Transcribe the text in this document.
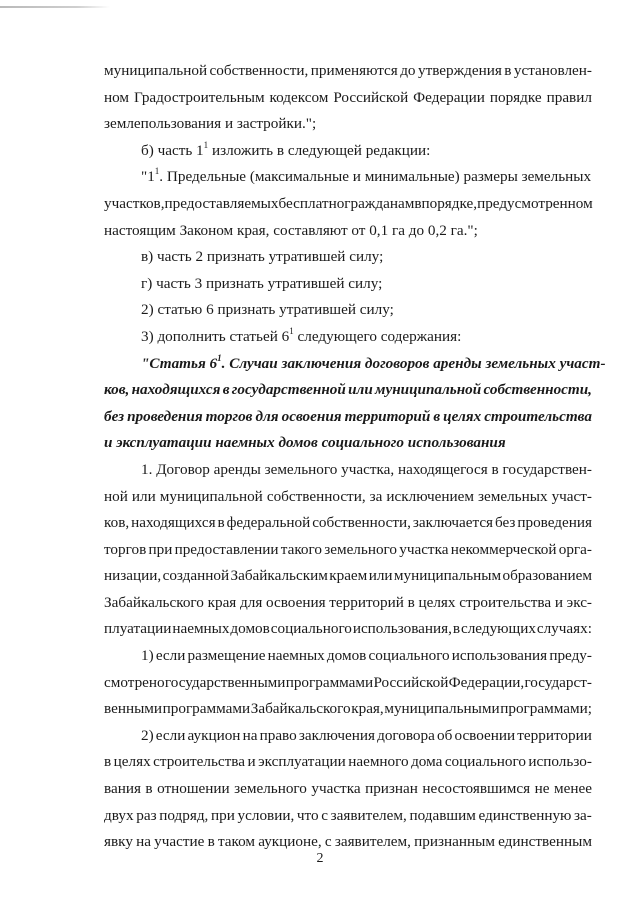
муниципальной собственности, применяются до утверждения в установлен-
ном Градостроительным кодексом Российской Федерации порядке правил
землепользования и застройки.";
б) часть $1^1$ изложить в следующей редакции:
"$1^1$. Предельные (максимальные и минимальные) размеры земельных
участков, предоставляемых бесплатно гражданам в порядке, предусмотренном
настоящим Законом края, составляют от 0,1 га до 0,2 га.";
в) часть 2 признать утратившей силу;
г) часть 3 признать утратившей силу;
2) статью 6 признать утратившей силу;
3) дополнить статьей $6^1$ следующего содержания:
"Статья $6^1$. Случаи заключения договоров аренды земельных участ-
ков, находящихся в государственной или муниципальной собственности,
без проведения торгов для освоения территорий в целях строительства
и эксплуатации наемных домов социального использования
1. Договор аренды земельного участка, находящегося в государствен-
ной или муниципальной собственности, за исключением земельных участ-
ков, находящихся в федеральной собственности, заключается без проведения
торгов при предоставлении такого земельного участка некоммерческой орга-
низации, созданной Забайкальским краем или муниципальным образованием
Забайкальского края для освоения территорий в целях строительства и экс-
плуатации наемных домов социального использования, в следующих случаях:
1) если размещение наемных домов социального использования преду-
смотрено государственными программами Российской Федерации, государст-
венными программами Забайкальского края, муниципальными программами;
2) если аукцион на право заключения договора об освоении территории
в целях строительства и эксплуатации наемного дома социального использо-
вания в отношении земельного участка признан несостоявшимся не менее
двух раз подряд, при условии, что с заявителем, подавшим единственную за-
явку на участие в таком аукционе, с заявителем, признанным единственным
2
